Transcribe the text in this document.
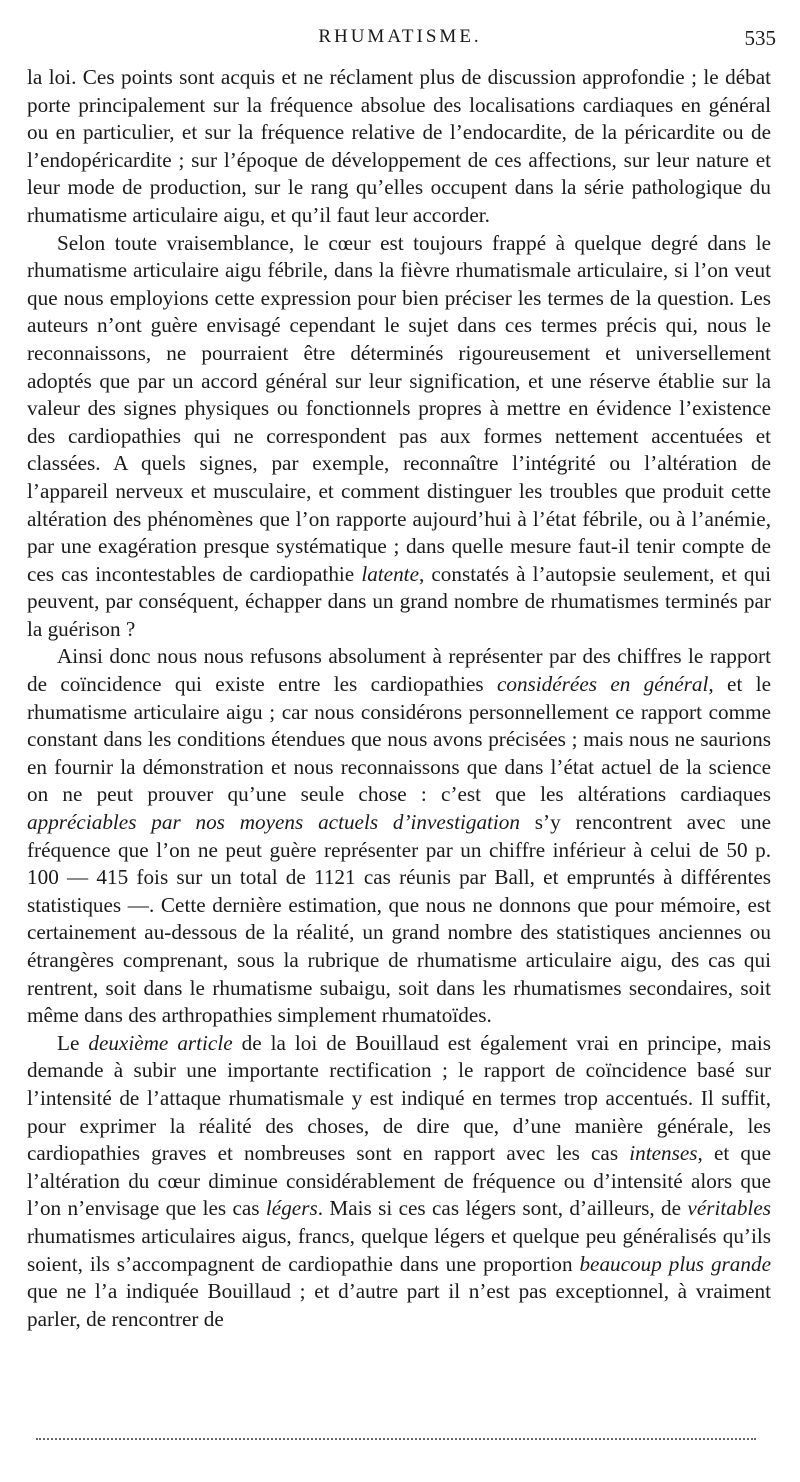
RHUMATISME.	535

la loi. Ces points sont acquis et ne réclament plus de discussion approfondie ; le débat porte principalement sur la fréquence absolue des localisations cardiaques en général ou en particulier, et sur la fréquence relative de l’endocardite, de la péricardite ou de l’endopéricardite ; sur l’époque de développement de ces affections, sur leur nature et leur mode de production, sur le rang qu’elles occupent dans la série pathologique du rhumatisme articulaire aigu, et qu’il faut leur accorder.

Selon toute vraisemblance, le cœur est toujours frappé à quelque degré dans le rhumatisme articulaire aigu fébrile, dans la fièvre rhumatismale articulaire, si l’on veut que nous employions cette expression pour bien préciser les termes de la question. Les auteurs n’ont guère envisagé cependant le sujet dans ces termes précis qui, nous le reconnaissons, ne pourraient être déterminés rigoureusement et universellement adoptés que par un accord général sur leur signification, et une réserve établie sur la valeur des signes physiques ou fonctionnels propres à mettre en évidence l’existence des cardiopathies qui ne correspondent pas aux formes nettement accentuées et classées. A quels signes, par exemple, reconnaître l’intégrité ou l’altération de l’appareil nerveux et musculaire, et comment distinguer les troubles que produit cette altération des phénomènes que l’on rapporte aujourd’hui à l’état fébrile, ou à l’anémie, par une exagération presque systématique ; dans quelle mesure faut-il tenir compte de ces cas incontestables de cardiopathie latente, constatés à l’autopsie seulement, et qui peuvent, par conséquent, échapper dans un grand nombre de rhumatismes terminés par la guérison ?

Ainsi donc nous nous refusons absolument à représenter par des chiffres le rapport de coïncidence qui existe entre les cardiopathies considérées en général, et le rhumatisme articulaire aigu ; car nous considérons personnellement ce rapport comme constant dans les conditions étendues que nous avons précisées ; mais nous ne saurions en fournir la démonstration et nous reconnaissons que dans l’état actuel de la science on ne peut prouver qu’une seule chose : c’est que les altérations cardiaques appréciables par nos moyens actuels d’investigation s’y rencontrent avec une fréquence que l’on ne peut guère représenter par un chiffre inférieur à celui de 50 p. 100 — 415 fois sur un total de 1121 cas réunis par Ball, et empruntés à différentes statistiques —. Cette dernière estimation, que nous ne donnons que pour mémoire, est certainement au-dessous de la réalité, un grand nombre des statistiques anciennes ou étrangères comprenant, sous la rubrique de rhumatisme articulaire aigu, des cas qui rentrent, soit dans le rhumatisme subaigu, soit dans les rhumatismes secondaires, soit même dans des arthropathies simplement rhumatoïdes.

Le deuxième article de la loi de Bouillaud est également vrai en principe, mais demande à subir une importante rectification ; le rapport de coïncidence basé sur l’intensité de l’attaque rhumatismale y est indiqué en termes trop accentués. Il suffit, pour exprimer la réalité des choses, de dire que, d’une manière générale, les cardiopathies graves et nombreuses sont en rapport avec les cas intenses, et que l’altération du cœur diminue considérablement de fréquence ou d’intensité alors que l’on n’envisage que les cas légers. Mais si ces cas légers sont, d’ailleurs, de véritables rhumatismes articulaires aigus, francs, quelque légers et quelque peu généralisés qu’ils soient, ils s’accompagnent de cardiopathie dans une proportion beaucoup plus grande que ne l’a indiquée Bouillaud ; et d’autre part il n’est pas exceptionnel, à vraiment parler, de rencontrer de
